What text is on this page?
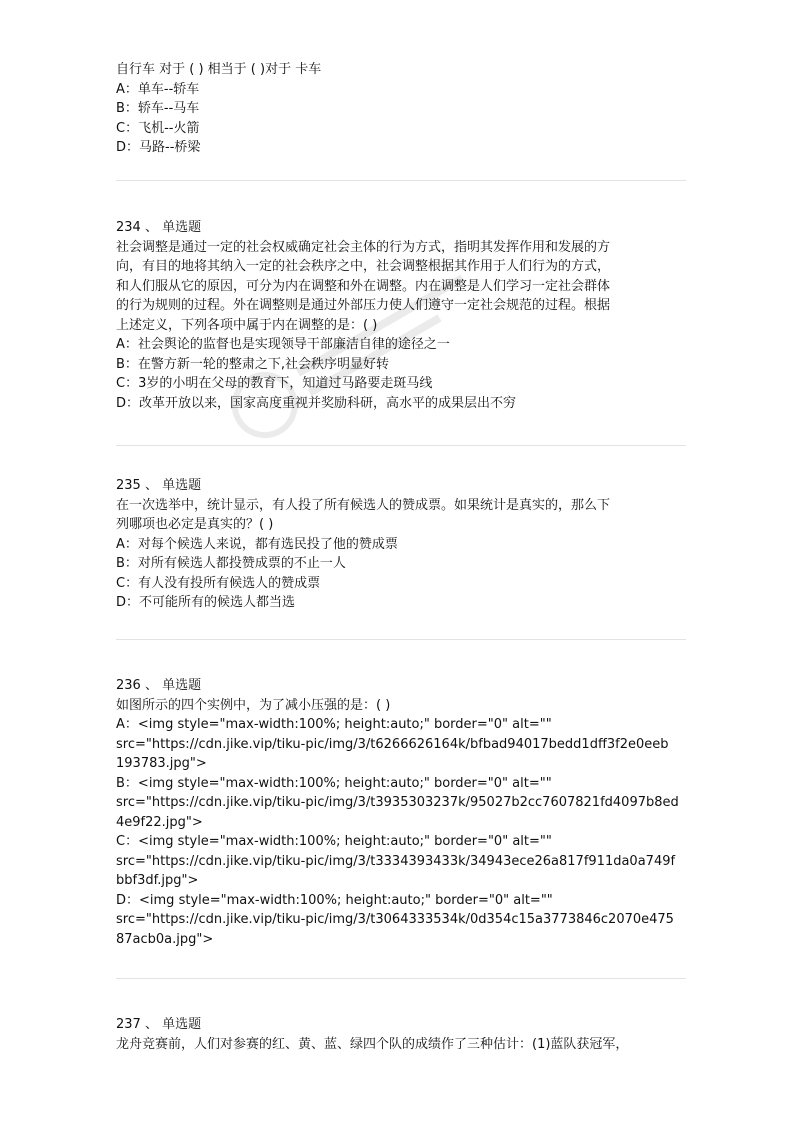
自行车 对于 ( ) 相当于 ( )对于 卡车
A： 单车--轿车
B： 轿车--马车
C： 飞机--火箭
D： 马路--桥梁
234 、 单选题
社会调整是通过一定的社会权威确定社会主体的行为方式，指明其发挥作用和发展的方
向，有目的地将其纳入一定的社会秩序之中，社会调整根据其作用于人们行为的方式，
和人们服从它的原因，可分为内在调整和外在调整。内在调整是人们学习一定社会群体
的行为规则的过程。外在调整则是通过外部压力使人们遵守一定社会规范的过程。根据
上述定义，下列各项中属于内在调整的是：( )
A： 社会舆论的监督也是实现领导干部廉洁自律的途径之一
B： 在警方新一轮的整肃之下,社会秩序明显好转
C： 3岁的小明在父母的教育下，知道过马路要走斑马线
D： 改革开放以来，国家高度重视并奖励科研，高水平的成果层出不穷
235 、 单选题
在一次选举中，统计显示，有人投了所有候选人的赞成票。如果统计是真实的，那么下
列哪项也必定是真实的？( )
A： 对每个候选人来说，都有选民投了他的赞成票
B： 对所有候选人都投赞成票的不止一人
C： 有人没有投所有候选人的赞成票
D： 不可能所有的候选人都当选
236 、 单选题
如图所示的四个实例中，为了减小压强的是：( )
A： <img style="max-width:100%; height:auto;" border="0" alt=""
src="https://cdn.jike.vip/tiku-pic/img/3/t6266626164k/bfbad94017bedd1dff3f2e0eeb
193783.jpg">
B： <img style="max-width:100%; height:auto;" border="0" alt=""
src="https://cdn.jike.vip/tiku-pic/img/3/t3935303237k/95027b2cc7607821fd4097b8ed
4e9f22.jpg">
C： <img style="max-width:100%; height:auto;" border="0" alt=""
src="https://cdn.jike.vip/tiku-pic/img/3/t3334393433k/34943ece26a817f911da0a749f
bbf3df.jpg">
D： <img style="max-width:100%; height:auto;" border="0" alt=""
src="https://cdn.jike.vip/tiku-pic/img/3/t3064333534k/0d354c15a3773846c2070e475
87acb0a.jpg">
237 、 单选题
龙舟竞赛前，人们对参赛的红、黄、蓝、绿四个队的成绩作了三种估计：(1)蓝队获冠军，
